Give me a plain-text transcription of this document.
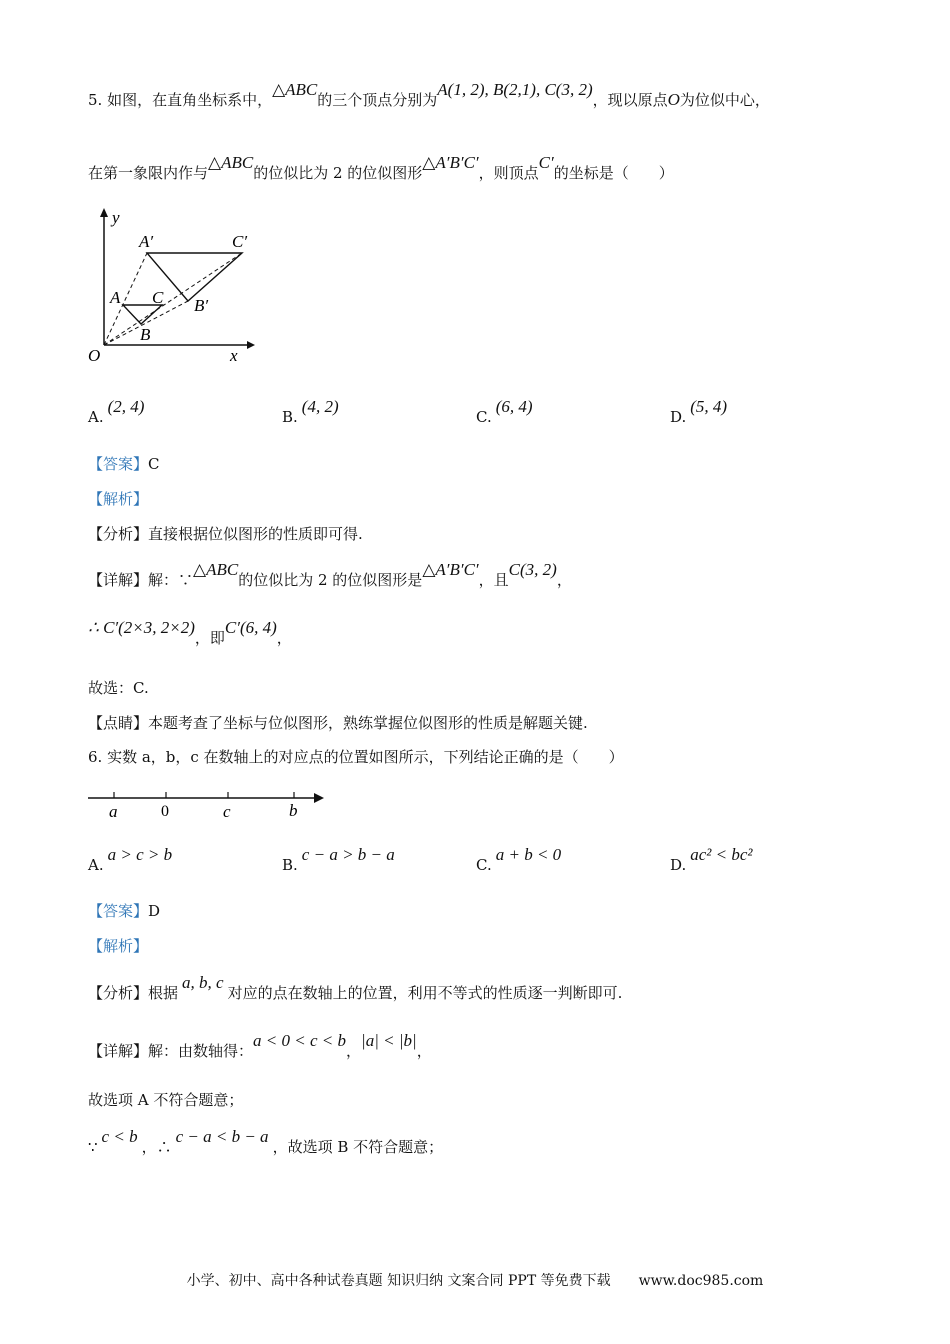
5. 如图，在直角坐标系中，△ABC的三个顶点分别为A(1, 2), B(2,1), C(3, 2)，现以原点O为位似中心，
在第一象限内作与△ABC的位似比为 2 的位似图形△A′B′C′，则顶点C′的坐标是（　　）
y
x
O
A
B
C
A′
B′
C′
A.(2, 4)
B.(4, 2)
C.(6, 4)
D.(5, 4)
【答案】C
【解析】
【分析】直接根据位似图形的性质即可得.
【详解】解：∵△ABC的位似比为 2 的位似图形是△A′B′C′，且C(3, 2)，
∴ C′(2×3, 2×2)，即C′(6, 4)，
故选：C.
【点睛】本题考查了坐标与位似图形，熟练掌握位似图形的性质是解题关键.
6. 实数 a，b，c 在数轴上的对应点的位置如图所示，下列结论正确的是（　　）
a	0	c	b
A.a > c > b
B.c − a > b − a
C.a + b < 0
D.ac² < bc²
【答案】D
【解析】
【分析】根据a, b, c对应的点在数轴上的位置，利用不等式的性质逐一判断即可.
【详解】解：由数轴得：a < 0 < c < b，|a| < |b|，
故选项 A 不符合题意；
∵c < b，∴c − a < b − a，故选项 B 不符合题意；
小学、初中、高中各种试卷真题 知识归纳 文案合同 PPT 等免费下载　　www.doc985.com
